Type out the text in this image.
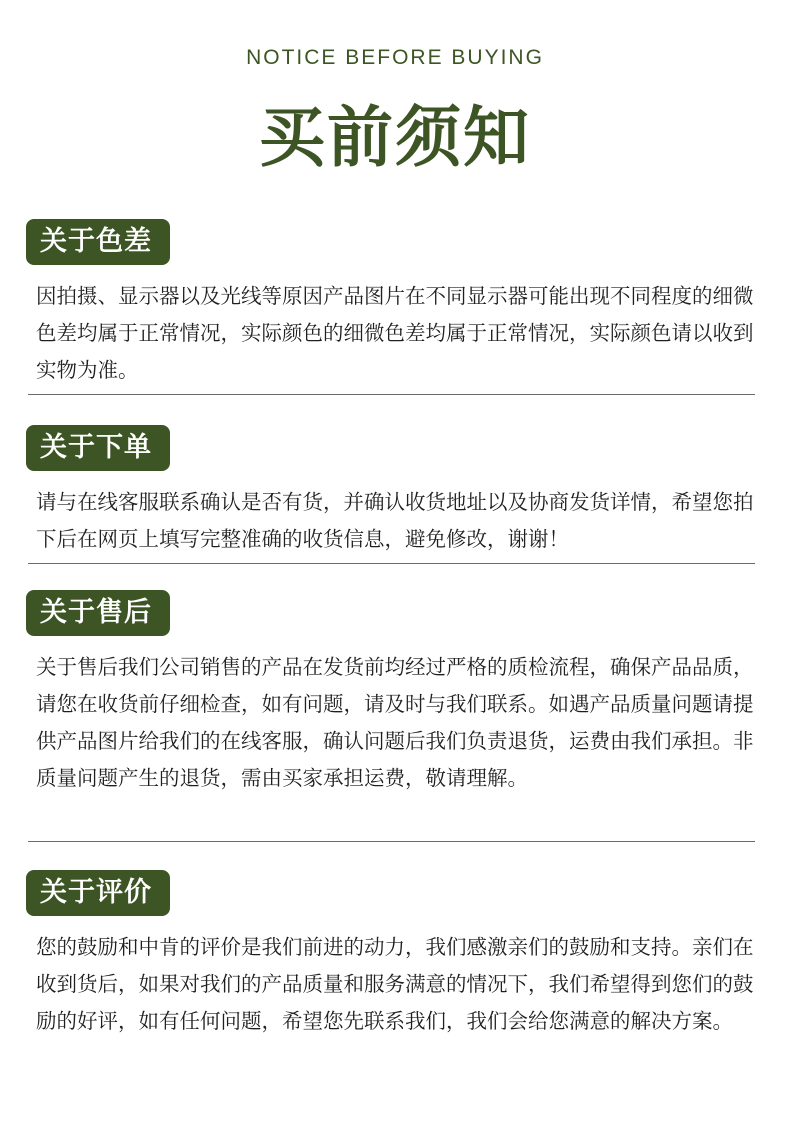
NOTICE BEFORE BUYING
买前须知
关于色差
因拍摄、显示器以及光线等原因产品图片在不同显示器可能出现不同程度的细微色差均属于正常情况，实际颜色的细微色差均属于正常情况，实际颜色请以收到实物为准。
关于下单
请与在线客服联系确认是否有货，并确认收货地址以及协商发货详情，希望您拍下后在网页上填写完整准确的收货信息，避免修改，谢谢！
关于售后
关于售后我们公司销售的产品在发货前均经过严格的质检流程，确保产品品质，请您在收货前仔细检查，如有问题，请及时与我们联系。如遇产品质量问题请提供产品图片给我们的在线客服，确认问题后我们负责退货，运费由我们承担。非质量问题产生的退货，需由买家承担运费，敬请理解。
关于评价
您的鼓励和中肯的评价是我们前进的动力，我们感激亲们的鼓励和支持。亲们在收到货后，如果对我们的产品质量和服务满意的情况下，我们希望得到您们的鼓励的好评，如有任何问题，希望您先联系我们，我们会给您满意的解决方案。
